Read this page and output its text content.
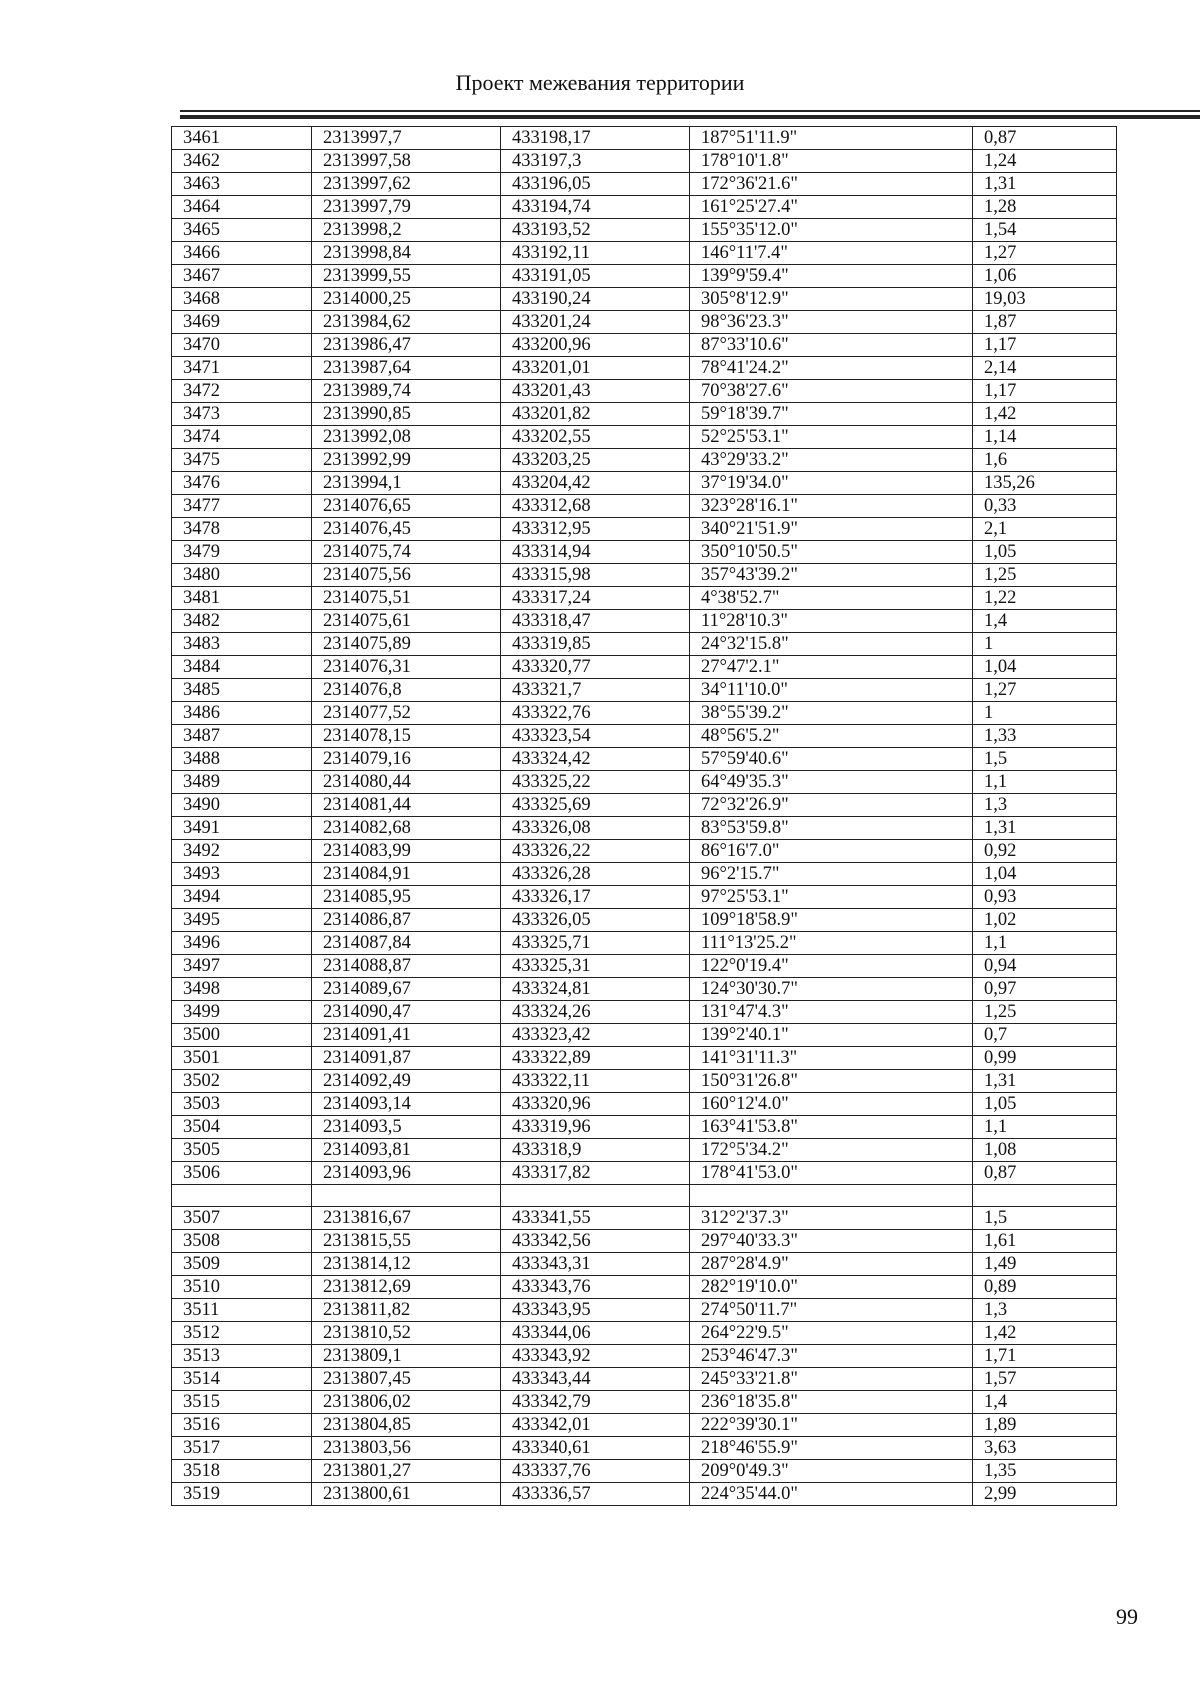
Проект межевания территории
3461	2313997,7	433198,17	187°51'11.9"	0,87
3462	2313997,58	433197,3	178°10'1.8"	1,24
3463	2313997,62	433196,05	172°36'21.6"	1,31
3464	2313997,79	433194,74	161°25'27.4"	1,28
3465	2313998,2	433193,52	155°35'12.0"	1,54
3466	2313998,84	433192,11	146°11'7.4"	1,27
3467	2313999,55	433191,05	139°9'59.4"	1,06
3468	2314000,25	433190,24	305°8'12.9"	19,03
3469	2313984,62	433201,24	98°36'23.3"	1,87
3470	2313986,47	433200,96	87°33'10.6"	1,17
3471	2313987,64	433201,01	78°41'24.2"	2,14
3472	2313989,74	433201,43	70°38'27.6"	1,17
3473	2313990,85	433201,82	59°18'39.7"	1,42
3474	2313992,08	433202,55	52°25'53.1"	1,14
3475	2313992,99	433203,25	43°29'33.2"	1,6
3476	2313994,1	433204,42	37°19'34.0"	135,26
3477	2314076,65	433312,68	323°28'16.1"	0,33
3478	2314076,45	433312,95	340°21'51.9"	2,1
3479	2314075,74	433314,94	350°10'50.5"	1,05
3480	2314075,56	433315,98	357°43'39.2"	1,25
3481	2314075,51	433317,24	4°38'52.7"	1,22
3482	2314075,61	433318,47	11°28'10.3"	1,4
3483	2314075,89	433319,85	24°32'15.8"	1
3484	2314076,31	433320,77	27°47'2.1"	1,04
3485	2314076,8	433321,7	34°11'10.0"	1,27
3486	2314077,52	433322,76	38°55'39.2"	1
3487	2314078,15	433323,54	48°56'5.2"	1,33
3488	2314079,16	433324,42	57°59'40.6"	1,5
3489	2314080,44	433325,22	64°49'35.3"	1,1
3490	2314081,44	433325,69	72°32'26.9"	1,3
3491	2314082,68	433326,08	83°53'59.8"	1,31
3492	2314083,99	433326,22	86°16'7.0"	0,92
3493	2314084,91	433326,28	96°2'15.7"	1,04
3494	2314085,95	433326,17	97°25'53.1"	0,93
3495	2314086,87	433326,05	109°18'58.9"	1,02
3496	2314087,84	433325,71	111°13'25.2"	1,1
3497	2314088,87	433325,31	122°0'19.4"	0,94
3498	2314089,67	433324,81	124°30'30.7"	0,97
3499	2314090,47	433324,26	131°47'4.3"	1,25
3500	2314091,41	433323,42	139°2'40.1"	0,7
3501	2314091,87	433322,89	141°31'11.3"	0,99
3502	2314092,49	433322,11	150°31'26.8"	1,31
3503	2314093,14	433320,96	160°12'4.0"	1,05
3504	2314093,5	433319,96	163°41'53.8"	1,1
3505	2314093,81	433318,9	172°5'34.2"	1,08
3506	2314093,96	433317,82	178°41'53.0"	0,87

3507	2313816,67	433341,55	312°2'37.3"	1,5
3508	2313815,55	433342,56	297°40'33.3"	1,61
3509	2313814,12	433343,31	287°28'4.9"	1,49
3510	2313812,69	433343,76	282°19'10.0"	0,89
3511	2313811,82	433343,95	274°50'11.7"	1,3
3512	2313810,52	433344,06	264°22'9.5"	1,42
3513	2313809,1	433343,92	253°46'47.3"	1,71
3514	2313807,45	433343,44	245°33'21.8"	1,57
3515	2313806,02	433342,79	236°18'35.8"	1,4
3516	2313804,85	433342,01	222°39'30.1"	1,89
3517	2313803,56	433340,61	218°46'55.9"	3,63
3518	2313801,27	433337,76	209°0'49.3"	1,35
3519	2313800,61	433336,57	224°35'44.0"	2,99
99
